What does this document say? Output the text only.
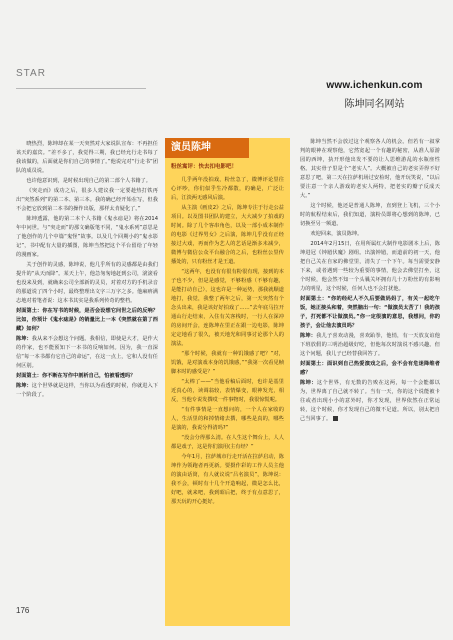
STAR
www.ichenkun.com
陈坤同名网站

晓热烈，陈坤却在某一天突然对大家说队宣布：不再担任该天的嘉宾。“差不多了，我觉得三期，我已经允行走书每了我该做的，后面就是你们自己的事情了。”他说完对“行走书”团队的成员说。

也许他意识到，是时候出现自己的第二部个人书籍了。

《突走而》成功之后，很多人建议我一定要趁热打铁再出“突然系列”的第二本、第三本。我的确已经开始在写，但我不会把它放到第二本书的操作出版，那样太肯疑化了。”

陈坤透露，他的第二本个人书籍《鬼水痣是》将在2014年中问世。与“突走而”的那文确版笔不同，“鬼水系列”意思是了他创作的几个中篇“鬼怪”故事。以及几个回期小的“鬼水影记”，书中配有大量的插图，陈坤当然把这个平台留给了年轻的漫画家。

关于创作的灵感，陈坤说，他几乎所有的灵感都是由我们提升的“从天而降”。某天上午，他急匆匆地赶到公司，滚滚看也没来及到，就确来公司全部新的灵员，对着对方的手机录音的那道说了四个小时，最终整理出文字三万字之多。他麻痹满志地对着笔者说：这本书其实是我系列传奇的整档。

封面第土：你在写书的时候，是否会设想它问世之后的反响？比如，你预计《鬼水痣是》的销量比上一本《突然就在第了西藏》如何？

陈坤：我从来不会想这个问题。我相信，即使是大才，是作大的作家，也不能预知下一本书的反响如何。因为，我一直深信“每一本书都有它自己的命运”，在这一点上，它和人没有任何区别。

封面第土：你不断在写作中剖析自己，怕被看透吗？

陈坤：这个世界就是这样，当你以为看透的时候，你就进入下一个阶段了。

演员陈坤
粉丝寓评：快去扣电影吧！

几乎两年没拍戏，粉丝急了，微博评论里往心评吵，你们似乎生冷都散，的确是，广泛让后，江淡两无感风后演。

从主演《画皮2》之后，陈坤专注于行走公益项目。以及图书团队的建立，大大减少了拍戏的时间。除了几个客串角色，以及一部小成本制作的电影《过界男女》之后演，陈坤几乎没有正经接过大戏，再而作为艺人的艺话是渐多未减少，微博与微信公众平台融合的之后，也粉丝公里传播处的，只有粉丝才是王道。

“这两年，也没有有很有粉很有现，接到的本子也不少，但是是感觉，不够粉感（不够有趣，是能打动自己），这也许是一种运势，那我就顺道地打，我觉，我整了两年之后，第一天突然有个念头出来，我是该好好拍戏了……”去年底马拉开通山行走结束，入住有关客栈时，一行人在深冲的房间开会，连陈坤在里正在跟一边电影，陈坤定定地看了很久，被天地光和同事讨论那个人的演法。

“那个时候，我就有一种饥饿感了吧？”对，饥饿，是对演戏本身的饥饿感，”“我第一次看见帧脚本时的感受是？”

“太棒了——”当他看稿后面时，也许是基里近真心的，读调翁较，表情爆变，眼神发光，相反，当他专说发撰哎一件事物时，我很惊慌呢。

“有件事情是一直想问的，一个人在家收的人，生活里的和掉情绪去撰，哪些是真的，哪些是演的，我说分得清吗?”

“没会分得那么清。在人生这个舞台上，人人都是戏子，这是你们演用(主有经？”

今年1月，拉萨城市行走开活在拉萨启动，陈坤作为领跑者再更新。要摄作彩的工作人员主他的演由话筒，有人就议说“吕名演员”，陈坤说：我不会，顿时有十几个开造响起，微是怎么比，好吧，就来吧，我到昭后把，终于有点意思了，那天玩的开心挺好。

陈坤当然不会放过这个观察各人的机会。但若有一叙掌判的眼神在观察他，它然宽起一个有趣的秘密，从准人原游园的西坤，执开形他出发不要的让人思维游乱的水瓶座性格。其实骨子里是个“老实人”。大概被自己的老实弄得不好意思了吧，第二天在拉萨机场过安检时，他开玩笑说，“以后要注意一个亲人游戏的老实人两特，把老实的瓣子反成天大。”

这个时候，他还是普通人陈坤，直到登上飞机，三个小时的航程结束后，我们知道，演粉员即将心想到的陈坤，已切换至另一频道。

欢迎回来，演员陈坤。

2014年2月15日，在用所属红大制作电影剧本上后，陈坤进冠《钟馗伏魔》剧组。出演钟馗，而道前的初一天，他把自己关在自家的佛堂里，清失了一个下午。每当需要安静下来，或者遇到一些较为重要的事情，他会去佛堂打坐，这个时候，他会然不知一个头曩关坏拥有几十万粉丝的有影响力的明星，这个时候，任何人也不会打扰他。

封面第土：“你的经纪人不久后要做妈妈了，有关一起吃午饭，她正接头和着，突然脑出一句：“做演员太苦了！我的孩子，打死都不让做演员。”你一定很演的意思，我想问，你的孩子，会让他去演员吗？

陈坤：我儿子喜欢动漫，喜欢跆拳，他悄，有一天放友谊他下班放假的三明治超级好吃，但他每次时演说不感兴趣。但这个问题，我儿子已经替我回答了。

封面第土：面识到自己热爱演戏之后，会不会有危迷降维者感？

陈坤：这个世界，有无数的告败在这两，每一个会能都以为，世界离了自己就不转了。当有一天，你的这个说能被卡往或者出现小小的意外时，你才发现，世界依然在正常运转，这个时候，你才发现自己的微不足道。所以，别太把自己当回事了。

176
